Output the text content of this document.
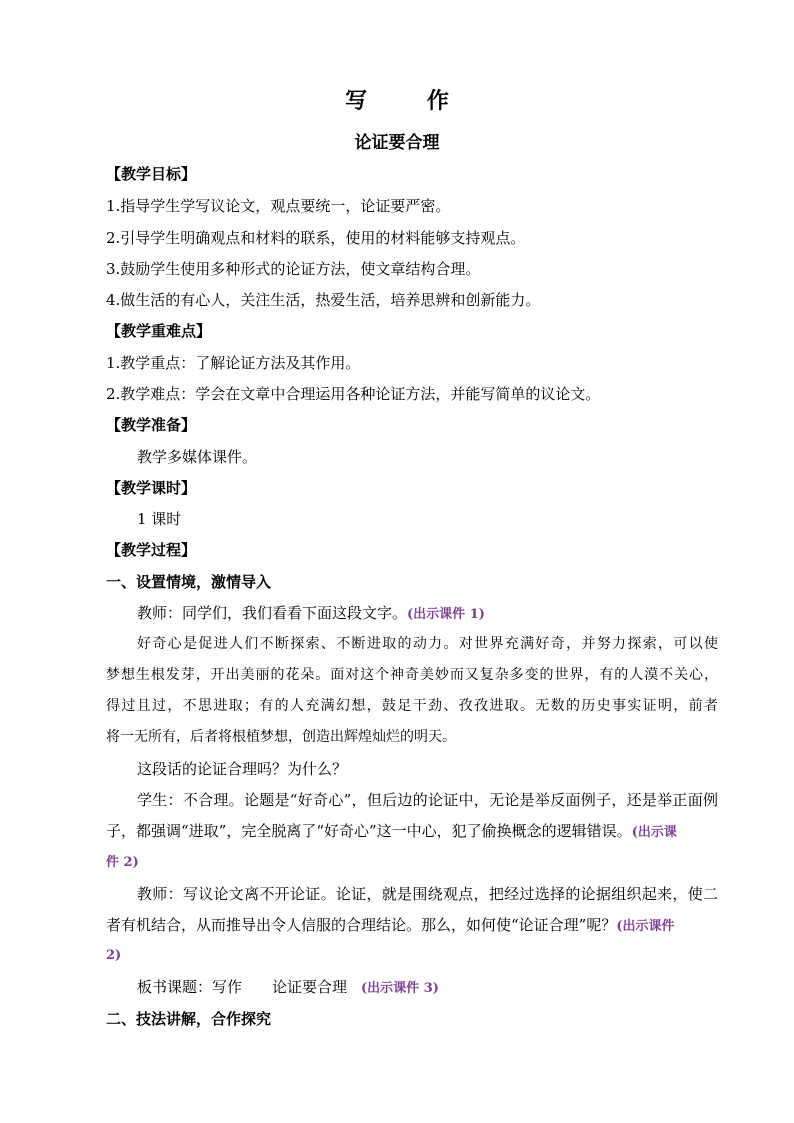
写 作
论证要合理
【教学目标】
1.指导学生学写议论文，观点要统一，论证要严密。
2.引导学生明确观点和材料的联系，使用的材料能够支持观点。
3.鼓励学生使用多种形式的论证方法，使文章结构合理。
4.做生活的有心人，关注生活，热爱生活，培养思辨和创新能力。
【教学重难点】
1.教学重点：了解论证方法及其作用。
2.教学难点：学会在文章中合理运用各种论证方法，并能写简单的议论文。
【教学准备】
教学多媒体课件。
【教学课时】
1 课时
【教学过程】
一、设置情境，激情导入
教师：同学们，我们看看下面这段文字。(出示课件 1)
好奇心是促进人们不断探索、不断进取的动力。对世界充满好奇，并努力探索，可以使
梦想生根发芽，开出美丽的花朵。面对这个神奇美妙而又复杂多变的世界，有的人漠不关心，
得过且过，不思进取；有的人充满幻想，鼓足干劲、孜孜进取。无数的历史事实证明，前者
将一无所有，后者将根植梦想，创造出辉煌灿烂的明天。
这段话的论证合理吗？为什么？
学生：不合理。论题是“好奇心”，但后边的论证中，无论是举反面例子，还是举正面例
子，都强调“进取”，完全脱离了“好奇心”这一中心，犯了偷换概念的逻辑错误。(出示课
件 2)
教师：写议论文离不开论证。论证，就是围绕观点，把经过选择的论据组织起来，使二
者有机结合，从而推导出令人信服的合理结论。那么，如何使“论证合理”呢？(出示课件
2)
板书课题：写作　　论证要合理 (出示课件 3)
二、技法讲解，合作探究
